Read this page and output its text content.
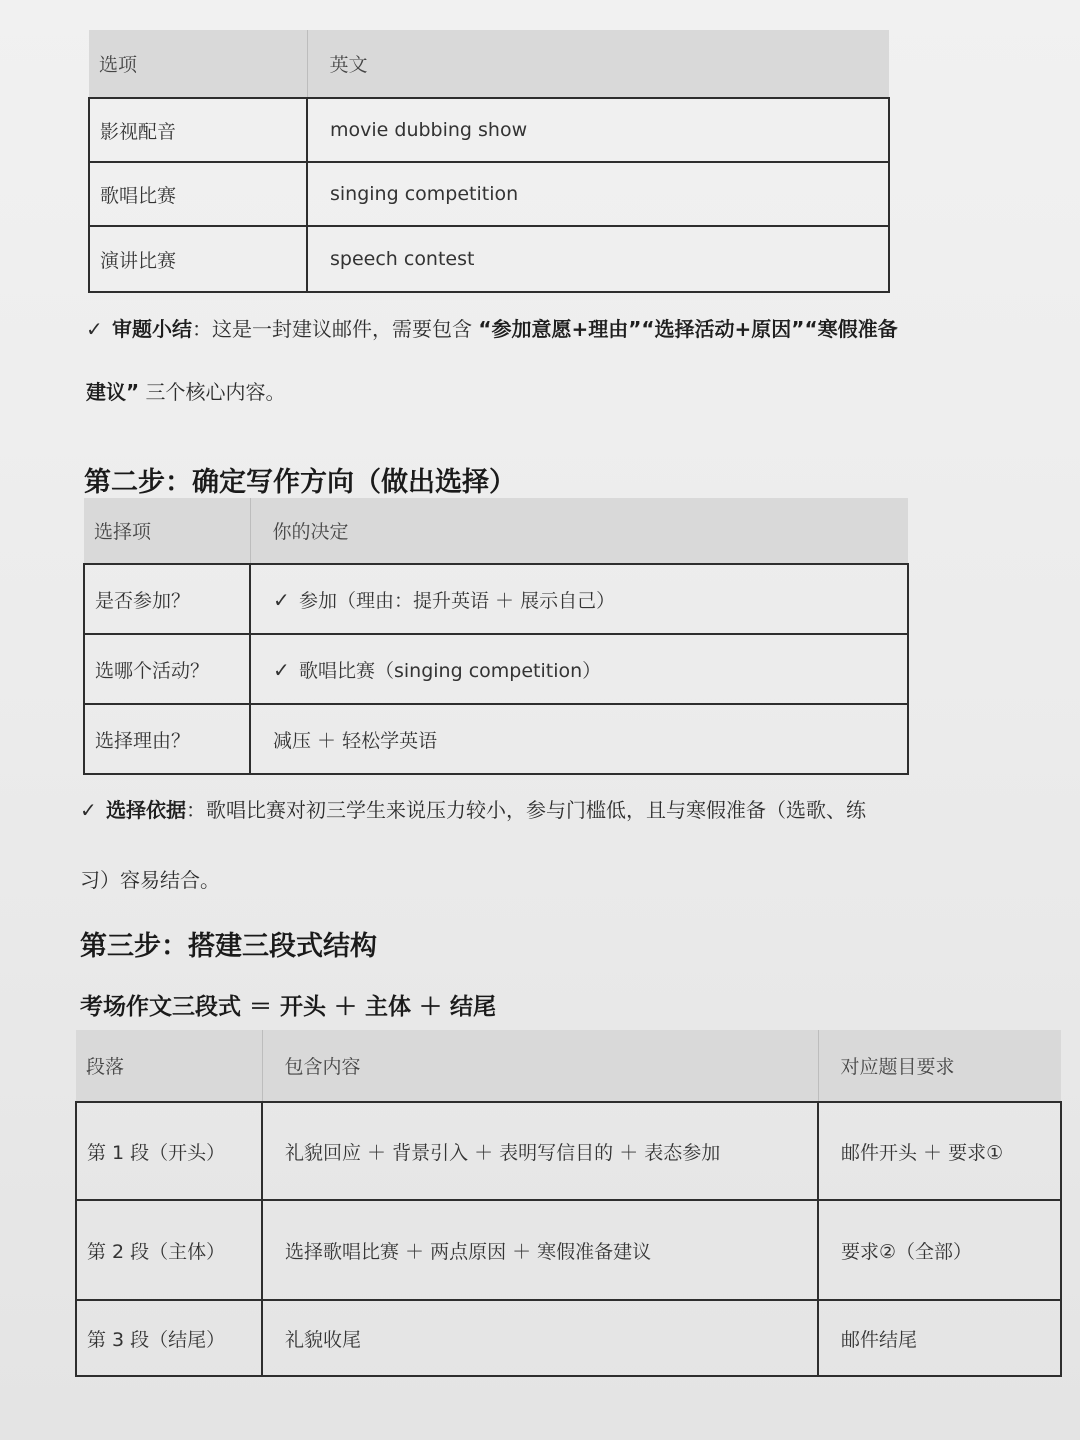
选项	英文
影视配音	movie dubbing show
歌唱比赛	singing competition
演讲比赛	speech contest
✓ 审题小结：这是一封建议邮件，需要包含 “参加意愿+理由”“选择活动+原因”“寒假准备
建议” 三个核心内容。
第二步：确定写作方向（做出选择）
选择项	你的决定
是否参加？	✓ 参加（理由：提升英语 ＋ 展示自己）
选哪个活动？	✓ 歌唱比赛（singing competition）
选择理由？	减压 ＋ 轻松学英语
✓ 选择依据：歌唱比赛对初三学生来说压力较小，参与门槛低，且与寒假准备（选歌、练
习）容易结合。
第三步：搭建三段式结构
考场作文三段式 ＝ 开头 ＋ 主体 ＋ 结尾
段落	包含内容	对应题目要求
第 1 段（开头）	礼貌回应 ＋ 背景引入 ＋ 表明写信目的 ＋ 表态参加	邮件开头 ＋ 要求①
第 2 段（主体）	选择歌唱比赛 ＋ 两点原因 ＋ 寒假准备建议	要求②（全部）
第 3 段（结尾）	礼貌收尾	邮件结尾
